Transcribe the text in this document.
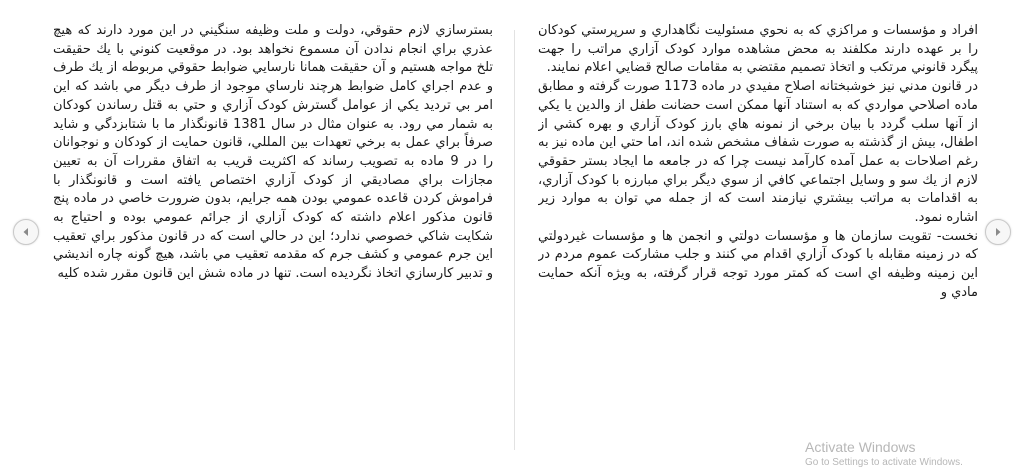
بسترسازي لازم حقوقي، دولت و ملت وظيفه سنگيني در اين مورد دارند که هيچ عذري براي انجام ندادن آن مسموع نخواهد بود. در موقعيت کنوني با يك حقيقت تلخ مواجه هستيم و آن حقيقت همانا نارسايي ضوابط حقوقي مربوطه از يك طرف و عدم اجراي کامل ضوابط هرچند نارساي موجود از طرف ديگر مي باشد که اين امر بي ترديد يکي از عوامل گسترش کودک آزاري و حتي به قتل رساندن کودکان به شمار مي رود. به عنوان مثال در سال 1381 قانونگذار ما با شتابزدگي و شايد صرفاً براي عمل به برخي تعهدات بين المللي، قانون حمايت از کودکان و نوجوانان را در 9 ماده به تصويب رساند که اکثريت قريب به اتفاق مقررات آن به تعيين مجازات براي مصاديقي از کودک آزاري اختصاص يافته است و قانونگذار با فراموش کردن قاعده عمومي بودن همه جرايم، بدون ضرورت خاصي در ماده پنج قانون مذکور اعلام داشته که کودک آزاري از جرائم عمومي بوده و احتياج به شکايت شاکي خصوصي ندارد؛ اين در حالي است که در قانون مذکور براي تعقيب اين جرم عمومي و کشف جرم که مقدمه تعقيب مي باشد، هيچ گونه چاره انديشي و تدبير کارسازي اتخاذ نگرديده است. تنها در ماده شش اين قانون مقرر شده کليه

افراد و مؤسسات و مراکزي که به نحوي مسئوليت نگاهداري و سرپرستي کودکان را بر عهده دارند مکلفند به محض مشاهده موارد کودک آزاري مراتب را جهت پيگرد قانوني مرتکب و اتخاذ تصميم مقتضي به مقامات صالح قضايي اعلام نمايند.

در قانون مدني نيز خوشبختانه اصلاح مفيدي در ماده 1173 صورت گرفته و مطابق ماده اصلاحي مواردي که به استناد آنها ممکن است حضانت طفل از والدين يا يکي از آنها سلب گردد با بيان برخي از نمونه هاي بارز کودک آزاري و بهره کشي از اطفال، بيش از گذشته به صورت شفاف مشخص شده اند، اما حتي اين ماده نيز به رغم اصلاحات به عمل آمده کارآمد نيست چرا که در جامعه ما ايجاد بستر حقوقي لازم از يك سو و وسايل اجتماعي کافي از سوي ديگر براي مبارزه با کودک آزاري، به اقدامات به مراتب بيشتري نيازمند است که از جمله مي توان به موارد زير اشاره نمود.

نخست- تقويت سازمان ها و مؤسسات دولتي و انجمن ها و مؤسسات غيردولتي که در زمينه مقابله با کودک آزاري اقدام مي کنند و جلب مشارکت عموم مردم در اين زمينه وظيفه اي است که کمتر مورد توجه قرار گرفته، به ويژه آنکه حمايت مادي و

Activate Windows
Go to Settings to activate Windows.
